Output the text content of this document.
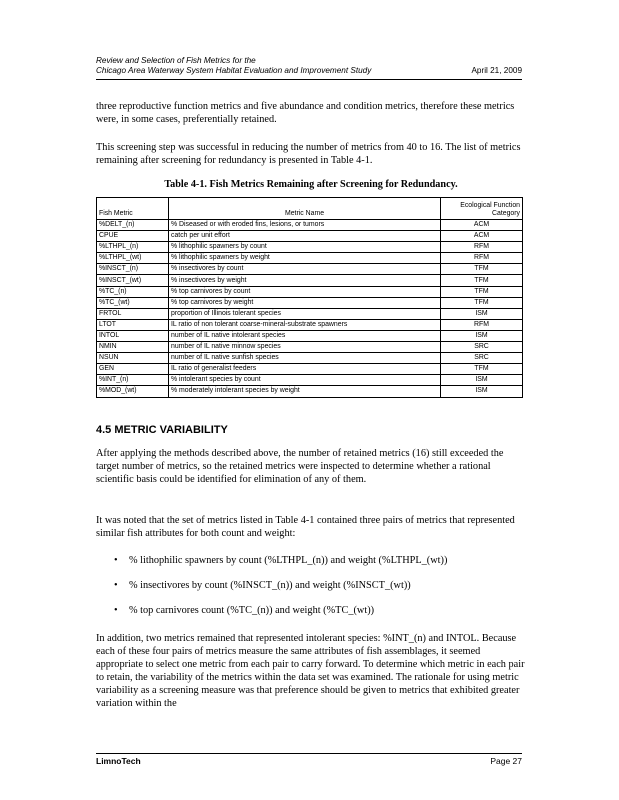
Review and Selection of Fish Metrics for the
Chicago Area Waterway System Habitat Evaluation and Improvement Study	April 21, 2009

three reproductive function metrics and five abundance and condition metrics, therefore these metrics were, in some cases, preferentially retained.

This screening step was successful in reducing the number of metrics from 40 to 16. The list of metrics remaining after screening for redundancy is presented in Table 4-1.

Table 4-1. Fish Metrics Remaining after Screening for Redundancy.
Fish Metric	Metric Name	Ecological Function Category
%DELT_(n)	% Diseased or with eroded fins, lesions, or tumors	ACM
CPUE	catch per unit effort	ACM
%LTHPL_(n)	% lithophilic spawners by count	RFM
%LTHPL_(wt)	% lithophilic spawners by weight	RFM
%INSCT_(n)	% insectivores by count	TFM
%INSCT_(wt)	% insectivores by weight	TFM
%TC_(n)	% top carnivores by count	TFM
%TC_(wt)	% top carnivores by weight	TFM
FRTOL	proportion of Illinois tolerant species	ISM
LTOT	IL ratio of non tolerant coarse-mineral-substrate spawners	RFM
INTOL	number of IL native intolerant species	ISM
NMIN	number of IL native minnow species	SRC
NSUN	number of IL native sunfish species	SRC
GEN	IL ratio of generalist feeders	TFM
%INT_(n)	% intolerant species by count	ISM
%MOD_(wt)	% moderately intolerant species by weight	ISM
4.5 METRIC VARIABILITY

After applying the methods described above, the number of retained metrics (16) still exceeded the target number of metrics, so the retained metrics were inspected to determine whether a rational scientific basis could be identified for elimination of any of them.

It was noted that the set of metrics listed in Table 4-1 contained three pairs of metrics that represented similar fish attributes for both count and weight:

•	% lithophilic spawners by count (%LTHPL_(n)) and weight (%LTHPL_(wt))
•	% insectivores by count (%INSCT_(n)) and weight (%INSCT_(wt))
•	% top carnivores count (%TC_(n)) and weight (%TC_(wt))

In addition, two metrics remained that represented intolerant species: %INT_(n) and INTOL. Because each of these four pairs of metrics measure the same attributes of fish assemblages, it seemed appropriate to select one metric from each pair to carry forward. To determine which metric in each pair to retain, the variability of the metrics within the data set was examined. The rationale for using metric variability as a screening measure was that preference should be given to metrics that exhibited greater variation within the

LimnoTech	Page 27
